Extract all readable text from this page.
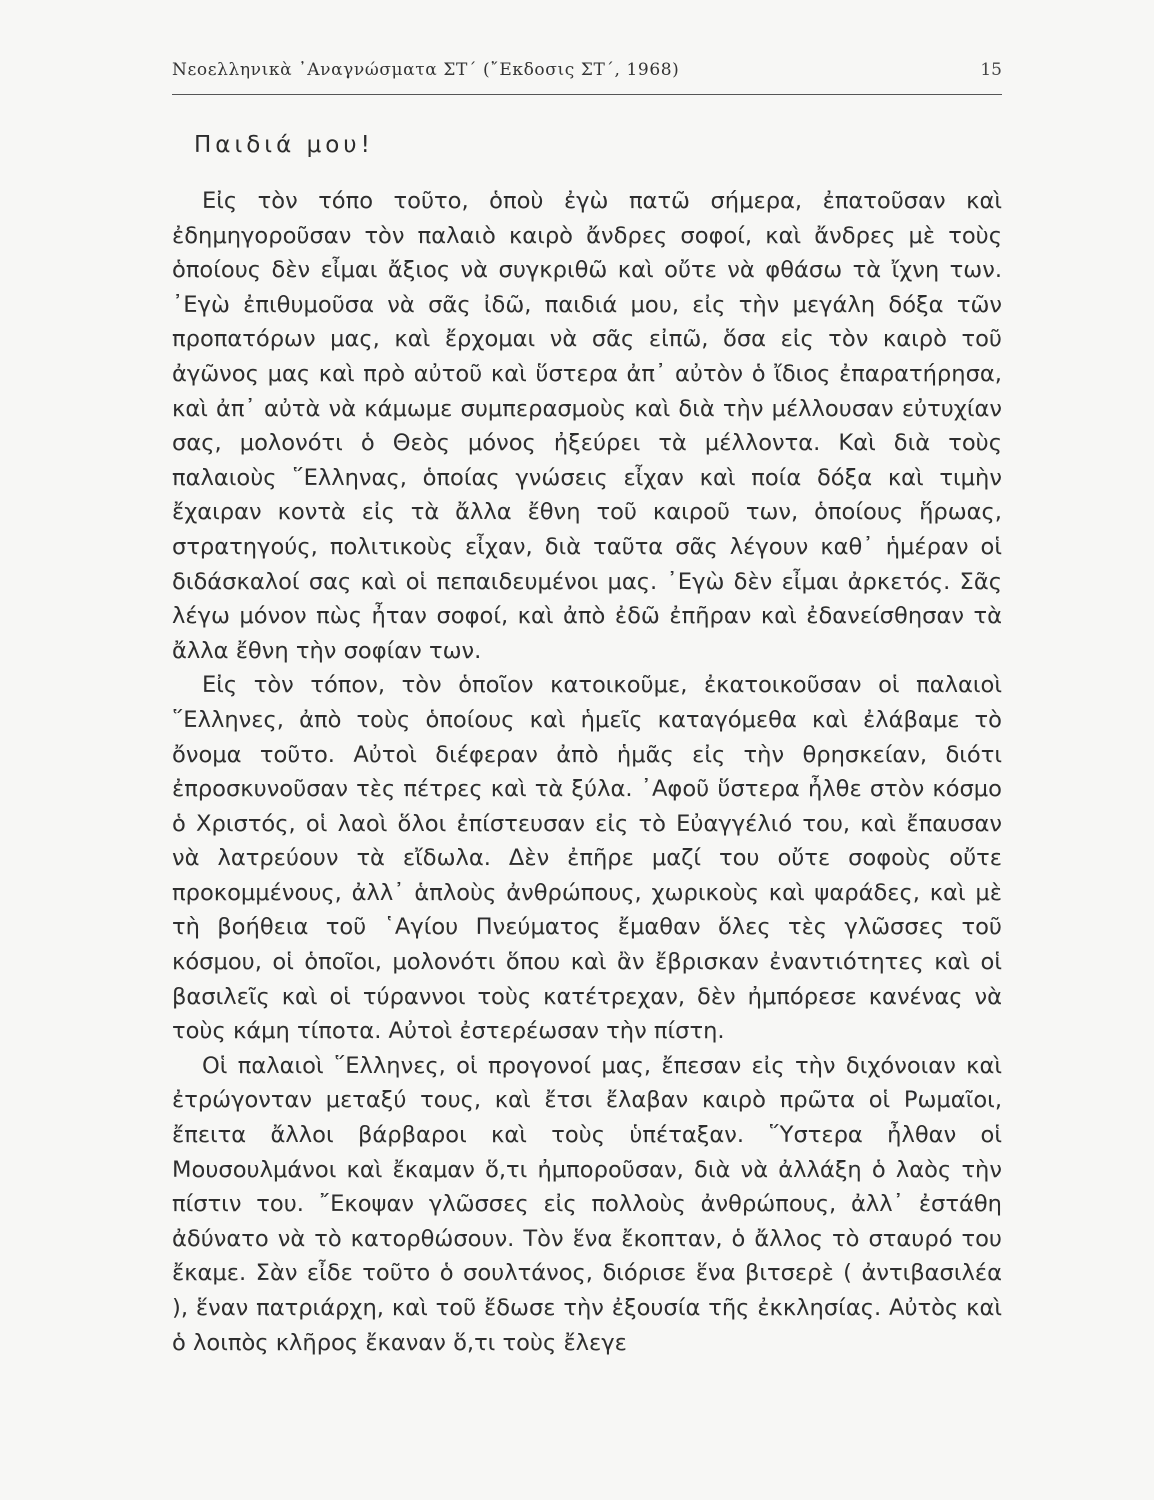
Νεοελληνικὰ ᾿Αναγνώσματα ΣΤ΄ (῎Εκδοσις ΣΤ΄, 1968)	15
Παιδιά μου!

Εἰς τὸν τόπο τοῦτο, ὁποὺ ἐγὼ πατῶ σήμερα, ἐπατοῦσαν καὶ ἐδημηγοροῦσαν τὸν παλαιὸ καιρὸ ἄνδρες σοφοί, καὶ ἄνδρες μὲ τοὺς ὁποίους δὲν εἶμαι ἄξιος νὰ συγκριθῶ καὶ οὔτε νὰ φθάσω τὰ ἴχνη των. ᾿Εγὼ ἐπιθυμοῦσα νὰ σᾶς ἰδῶ, παιδιά μου, εἰς τὴν μεγάλη δόξα τῶν προπατόρων μας, καὶ ἔρχομαι νὰ σᾶς εἰπῶ, ὅσα εἰς τὸν καιρὸ τοῦ ἀγῶνος μας καὶ πρὸ αὐτοῦ καὶ ὕστερα ἀπ᾿ αὐτὸν ὁ ἴδιος ἐπαρατήρησα, καὶ ἀπ᾿ αὐτὰ νὰ κάμωμε συμπερασμοὺς καὶ διὰ τὴν μέλλουσαν εὐτυχίαν σας, μολονότι ὁ Θεὸς μόνος ἠξεύρει τὰ μέλλοντα. Καὶ διὰ τοὺς παλαιοὺς ῞Ελληνας, ὁποίας γνώσεις εἶχαν καὶ ποία δόξα καὶ τιμὴν ἔχαιραν κοντὰ εἰς τὰ ἄλλα ἔθνη τοῦ καιροῦ των, ὁποίους ἥρωας, στρατηγούς, πολιτικοὺς εἶχαν, διὰ ταῦτα σᾶς λέγουν καθ᾿ ἡμέραν οἱ διδάσκαλοί σας καὶ οἱ πεπαιδευμένοι μας. ᾿Εγὼ δὲν εἶμαι ἀρκετός. Σᾶς λέγω μόνον πὼς ἦταν σοφοί, καὶ ἀπὸ ἐδῶ ἐπῆραν καὶ ἐδανείσθησαν τὰ ἄλλα ἔθνη τὴν σοφίαν των.

Εἰς τὸν τόπον, τὸν ὁποῖον κατοικοῦμε, ἐκατοικοῦσαν οἱ παλαιοὶ ῞Ελληνες, ἀπὸ τοὺς ὁποίους καὶ ἡμεῖς καταγόμεθα καὶ ἐλάβαμε τὸ ὄνομα τοῦτο. Αὐτοὶ διέφεραν ἀπὸ ἡμᾶς εἰς τὴν θρησκείαν, διότι ἐπροσκυνοῦσαν τὲς πέτρες καὶ τὰ ξύλα. ᾿Αφοῦ ὕστερα ἦλθε στὸν κόσμο ὁ Χριστός, οἱ λαοὶ ὅλοι ἐπίστευσαν εἰς τὸ Εὐαγγέλιό του, καὶ ἔπαυσαν νὰ λατρεύουν τὰ εἴδωλα. Δὲν ἐπῆρε μαζί του οὔτε σοφοὺς οὔτε προκομμένους, ἀλλ᾿ ἁπλοὺς ἀνθρώπους, χωρικοὺς καὶ ψαράδες, καὶ μὲ τὴ βοήθεια τοῦ ῾Αγίου Πνεύματος ἔμαθαν ὅλες τὲς γλῶσσες τοῦ κόσμου, οἱ ὁποῖοι, μολονότι ὅπου καὶ ἂν ἔβρισκαν ἐναντιότητες καὶ οἱ βασιλεῖς καὶ οἱ τύραννοι τοὺς κατέτρεχαν, δὲν ἠμπόρεσε κανένας νὰ τοὺς κάμη τίποτα. Αὐτοὶ ἐστερέωσαν τὴν πίστη.

Οἱ παλαιοὶ ῞Ελληνες, οἱ προγονοί μας, ἔπεσαν εἰς τὴν διχόνοιαν καὶ ἐτρώγονταν μεταξύ τους, καὶ ἔτσι ἔλαβαν καιρὸ πρῶτα οἱ Ρωμαῖοι, ἔπειτα ἄλλοι βάρβαροι καὶ τοὺς ὑπέταξαν. ῞Υστερα ἦλθαν οἱ Μουσουλμάνοι καὶ ἔκαμαν ὅ,τι ἠμποροῦσαν, διὰ νὰ ἀλλάξη ὁ λαὸς τὴν πίστιν του. ῎Εκοψαν γλῶσσες εἰς πολλοὺς ἀνθρώπους, ἀλλ᾿ ἐστάθη ἀδύνατο νὰ τὸ κατορθώσουν. Τὸν ἕνα ἔκοπταν, ὁ ἄλλος τὸ σταυρό του ἔκαμε. Σὰν εἶδε τοῦτο ὁ σουλτάνος, διόρισε ἕνα βιτσερὲ ( ἀντιβασιλέα ), ἕναν πατριάρχη, καὶ τοῦ ἔδωσε τὴν ἐξουσία τῆς ἐκκλησίας. Αὐτὸς καὶ ὁ λοιπὸς κλῆρος ἔκαναν ὅ,τι τοὺς ἔλεγε
